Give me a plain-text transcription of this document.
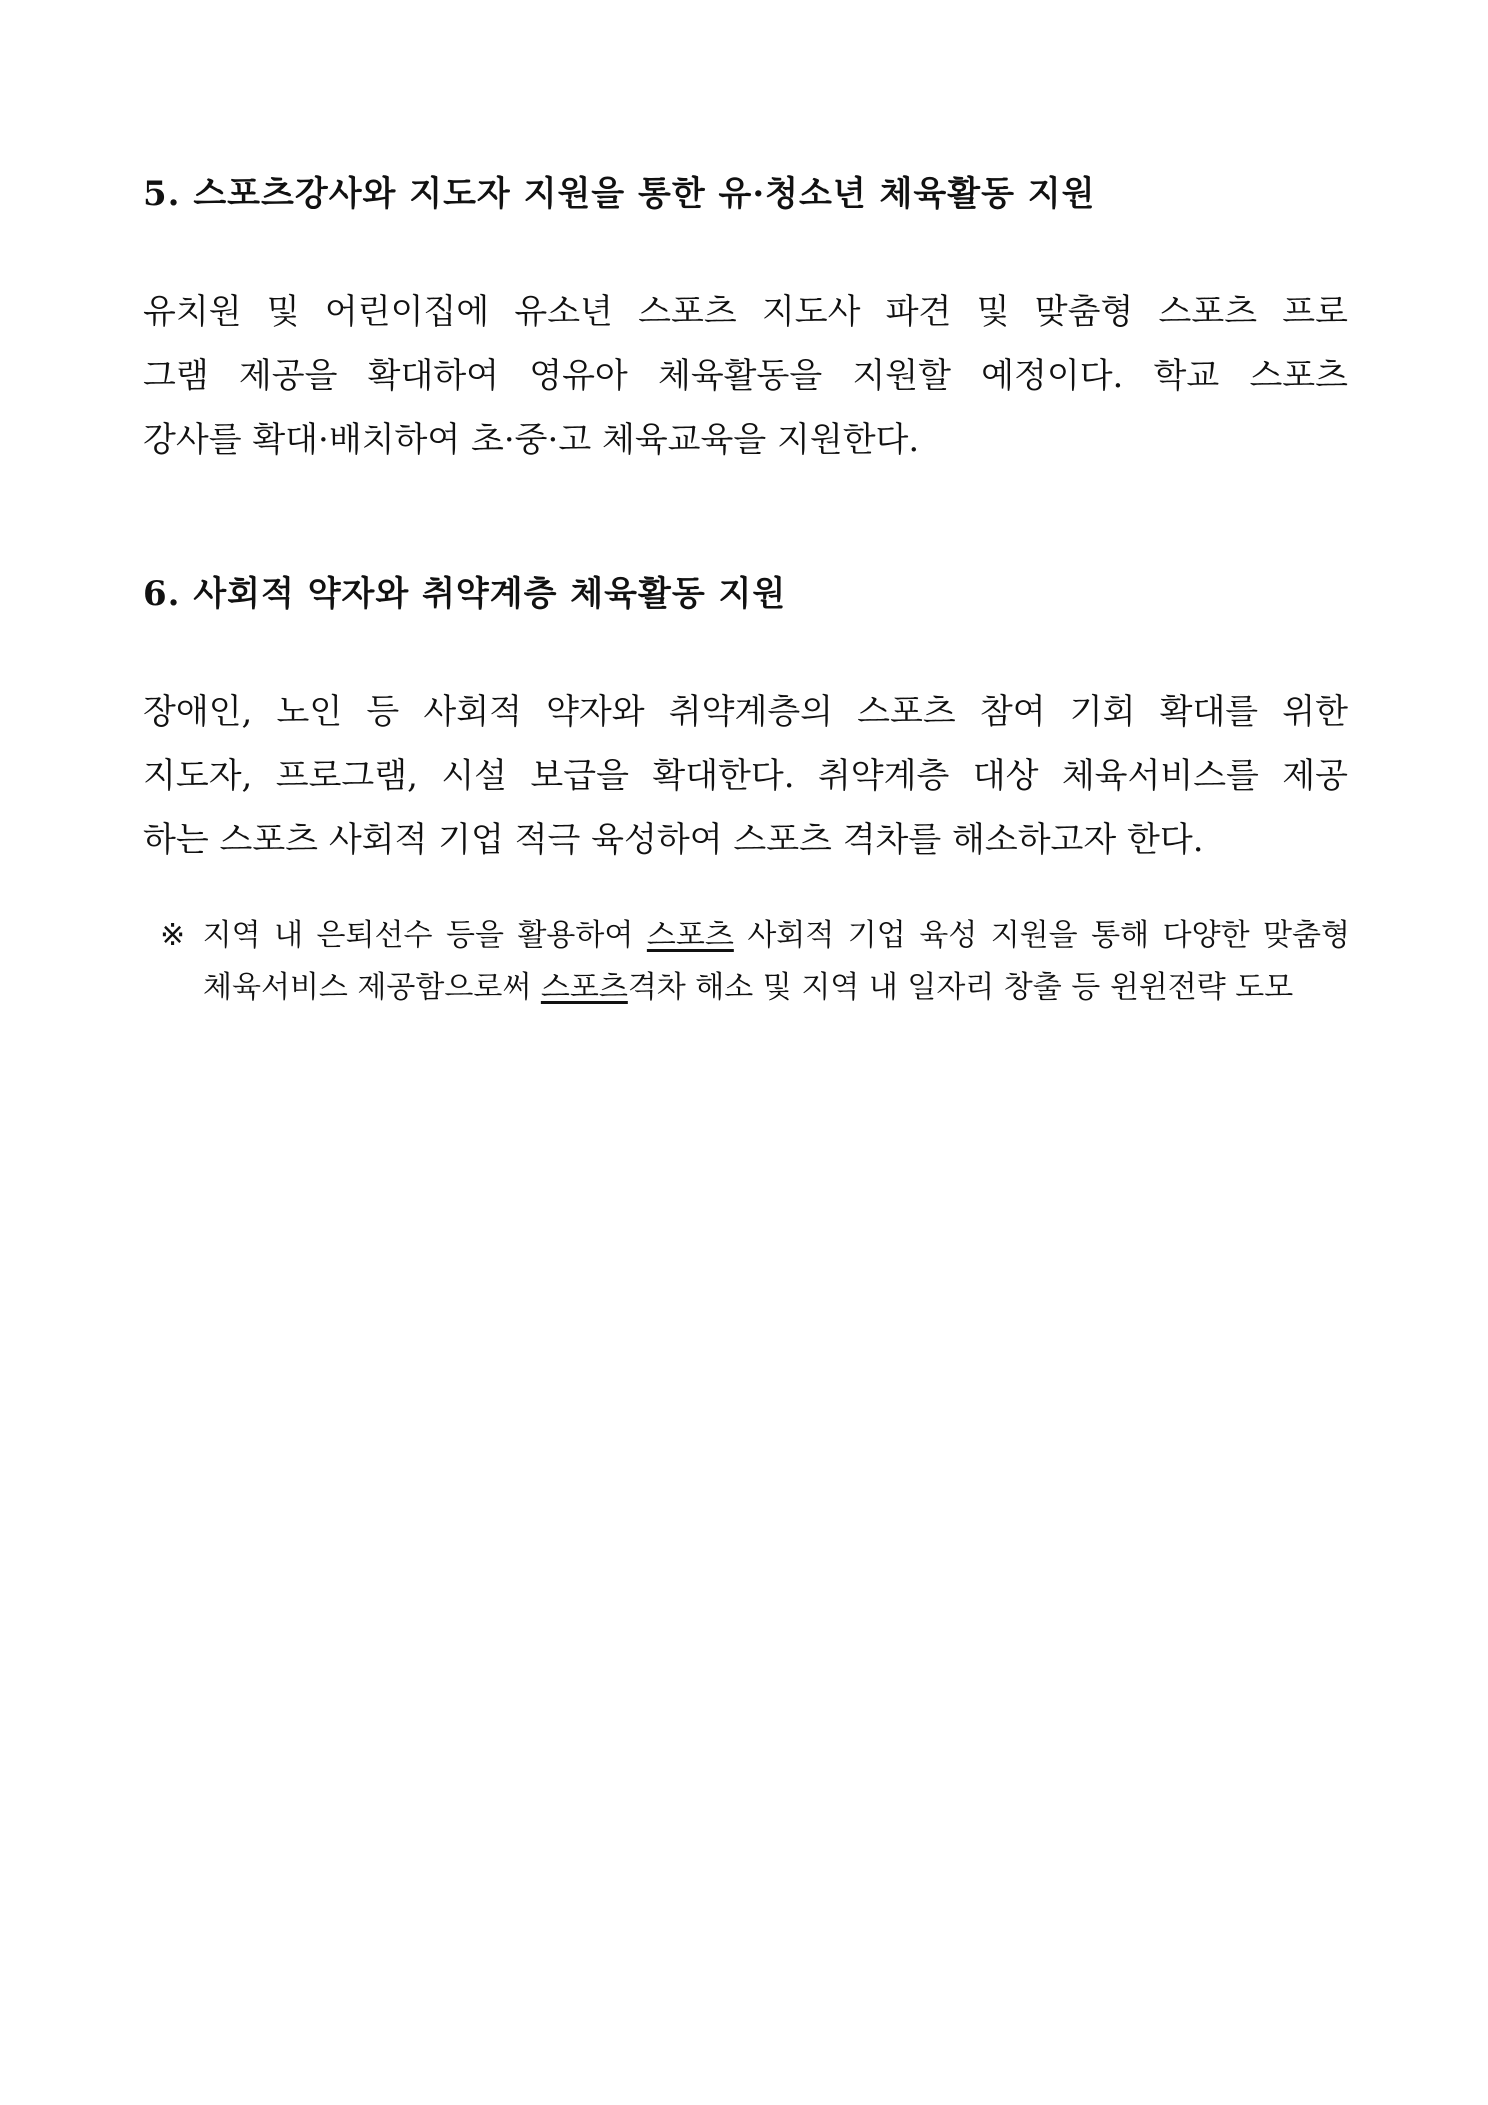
5. 스포츠강사와 지도자 지원을 통한 유·청소년 체육활동 지원
유치원 및 어린이집에 유소년 스포츠 지도사 파견 및 맞춤형 스포츠 프로
그램 제공을 확대하여 영유아 체육활동을 지원할 예정이다. 학교 스포츠
강사를 확대·배치하여 초·중·고 체육교육을 지원한다.
6. 사회적 약자와 취약계층 체육활동 지원
장애인, 노인 등 사회적 약자와 취약계층의 스포츠 참여 기회 확대를 위한
지도자, 프로그램, 시설 보급을 확대한다. 취약계층 대상 체육서비스를 제공
하는 스포츠 사회적 기업 적극 육성하여 스포츠 격차를 해소하고자 한다.
※ 지역 내 은퇴선수 등을 활용하여 스포츠 사회적 기업 육성 지원을 통해 다양한 맞춤형
체육서비스 제공함으로써 스포츠격차 해소 및 지역 내 일자리 창출 등 윈윈전략 도모
